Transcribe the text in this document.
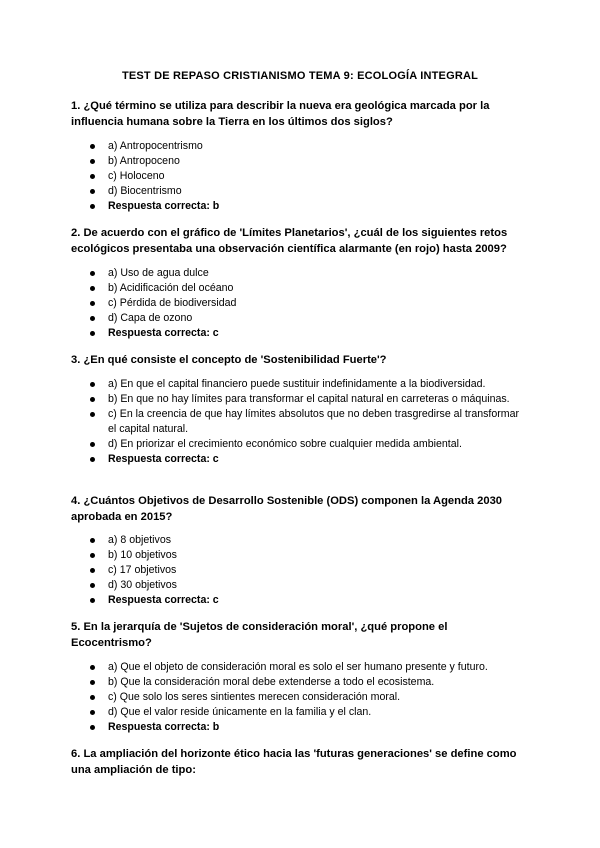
TEST DE REPASO CRISTIANISMO TEMA 9: ECOLOGÍA INTEGRAL
1. ¿Qué término se utiliza para describir la nueva era geológica marcada por la influencia humana sobre la Tierra en los últimos dos siglos?
a) Antropocentrismo
b) Antropoceno
c) Holoceno
d) Biocentrismo
Respuesta correcta: b
2. De acuerdo con el gráfico de 'Límites Planetarios', ¿cuál de los siguientes retos ecológicos presentaba una observación científica alarmante (en rojo) hasta 2009?
a) Uso de agua dulce
b) Acidificación del océano
c) Pérdida de biodiversidad
d) Capa de ozono
Respuesta correcta: c
3. ¿En qué consiste el concepto de 'Sostenibilidad Fuerte'?
a) En que el capital financiero puede sustituir indefinidamente a la biodiversidad.
b) En que no hay límites para transformar el capital natural en carreteras o máquinas.
c) En la creencia de que hay límites absolutos que no deben trasgredirse al transformar el capital natural.
d) En priorizar el crecimiento económico sobre cualquier medida ambiental.
Respuesta correcta: c
4. ¿Cuántos Objetivos de Desarrollo Sostenible (ODS) componen la Agenda 2030 aprobada en 2015?
a) 8 objetivos
b) 10 objetivos
c) 17 objetivos
d) 30 objetivos
Respuesta correcta: c
5. En la jerarquía de 'Sujetos de consideración moral', ¿qué propone el Ecocentrismo?
a) Que el objeto de consideración moral es solo el ser humano presente y futuro.
b) Que la consideración moral debe extenderse a todo el ecosistema.
c) Que solo los seres sintientes merecen consideración moral.
d) Que el valor reside únicamente en la familia y el clan.
Respuesta correcta: b
6. La ampliación del horizonte ético hacia las 'futuras generaciones' se define como una ampliación de tipo:
